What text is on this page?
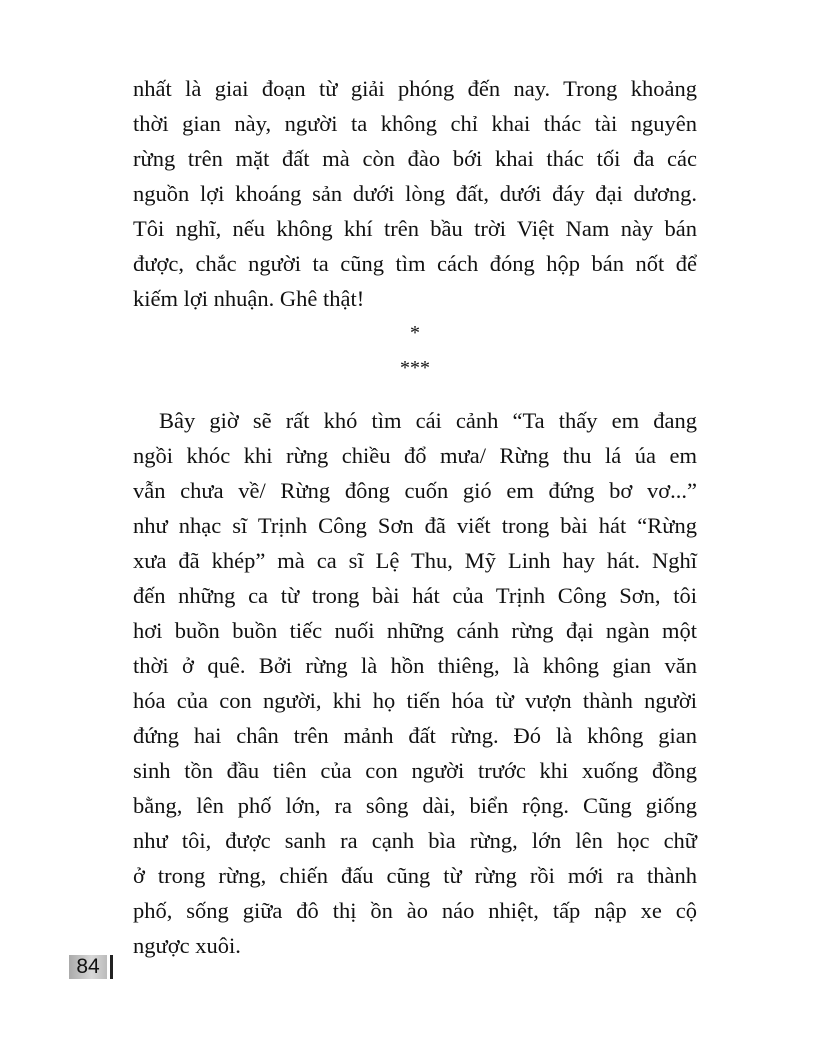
nhất là giai đoạn từ giải phóng đến nay. Trong khoảng
thời gian này, người ta không chỉ khai thác tài nguyên
rừng trên mặt đất mà còn đào bới khai thác tối đa các
nguồn lợi khoáng sản dưới lòng đất, dưới đáy đại dương.
Tôi nghĩ, nếu không khí trên bầu trời Việt Nam này bán
được, chắc người ta cũng tìm cách đóng hộp bán nốt để
kiếm lợi nhuận. Ghê thật!
*
***
Bây giờ sẽ rất khó tìm cái cảnh “Ta thấy em đang
ngồi khóc khi rừng chiều đổ mưa/ Rừng thu lá úa em
vẫn chưa về/ Rừng đông cuốn gió em đứng bơ vơ...”
như nhạc sĩ Trịnh Công Sơn đã viết trong bài hát “Rừng
xưa đã khép” mà ca sĩ Lệ Thu, Mỹ Linh hay hát. Nghĩ
đến những ca từ trong bài hát của Trịnh Công Sơn, tôi
hơi buồn buồn tiếc nuối những cánh rừng đại ngàn một
thời ở quê. Bởi rừng là hồn thiêng, là không gian văn
hóa của con người, khi họ tiến hóa từ vượn thành người
đứng hai chân trên mảnh đất rừng. Đó là không gian
sinh tồn đầu tiên của con người trước khi xuống đồng
bằng, lên phố lớn, ra sông dài, biển rộng. Cũng giống
như tôi, được sanh ra cạnh bìa rừng, lớn lên học chữ
ở trong rừng, chiến đấu cũng từ rừng rồi mới ra thành
phố, sống giữa đô thị ồn ào náo nhiệt, tấp nập xe cộ
ngược xuôi.
84
